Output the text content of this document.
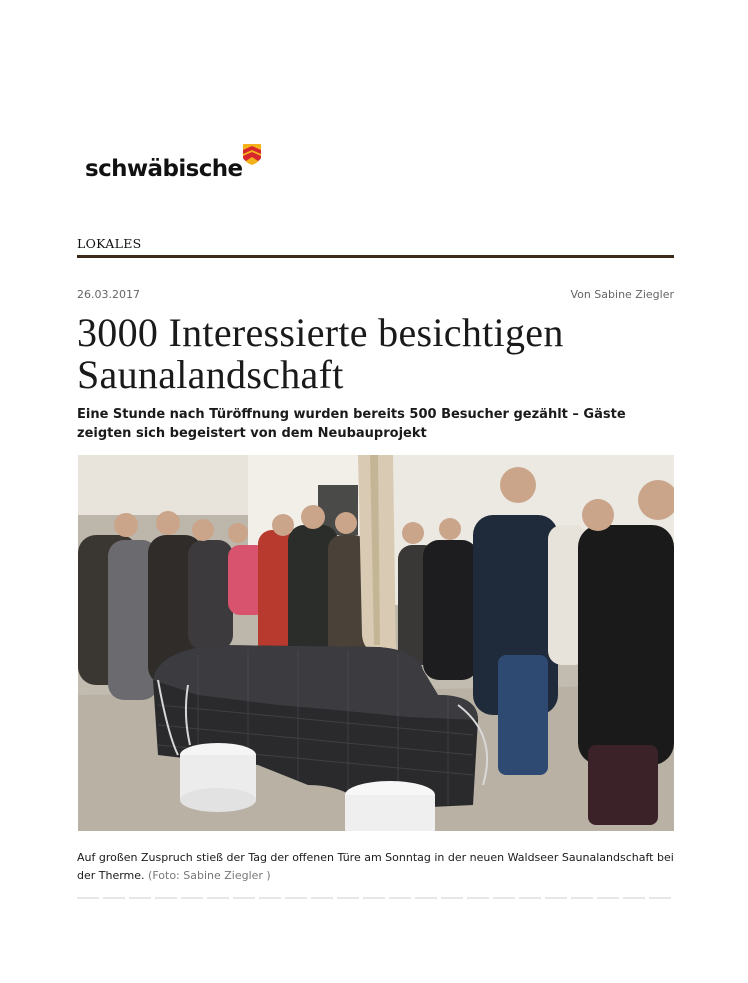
schwäbische
LOKALES
26.03.2017	Von Sabine Ziegler
3000 Interessierte besichtigen Saunalandschaft

Eine Stunde nach Türöffnung wurden bereits 500 Besucher gezählt – Gäste zeigten sich begeistert von dem Neubauprojekt

Auf großen Zuspruch stieß der Tag der offenen Türe am Sonntag in der neuen Waldseer Saunalandschaft bei der Therme. (Foto: Sabine Ziegler )
